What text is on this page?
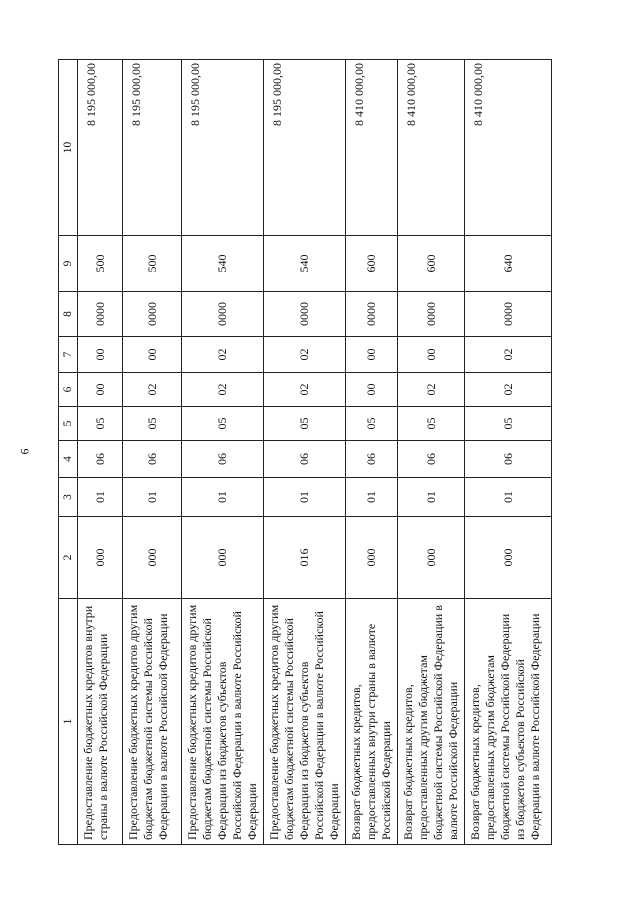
6
1	2	3	4	5	6	7	8	9	10
Предоставление бюджетных кредитов внутри страны в валюте Российской Федерации	000	01	06	05	00	00	0000	500	8 195 000,00
Предоставление бюджетных кредитов другим бюджетам бюджетной системы Российской Федерации в валюте Российской Федерации	000	01	06	05	02	00	0000	500	8 195 000,00
Предоставление бюджетных кредитов другим бюджетам бюджетной системы Российской Федерации из бюджетов субъектов Российской Федерации в валюте Российской Федерации	000	01	06	05	02	02	0000	540	8 195 000,00
Предоставление бюджетных кредитов другим бюджетам бюджетной системы Российской Федерации из бюджетов субъектов Российской Федерации в валюте Российской Федерации	016	01	06	05	02	02	0000	540	8 195 000,00
Возврат бюджетных кредитов, предоставленных внутри страны в валюте Российской Федерации	000	01	06	05	00	00	0000	600	8 410 000,00
Возврат бюджетных кредитов, предоставленных другим бюджетам бюджетной системы Российской Федерации в валюте Российской Федерации	000	01	06	05	02	00	0000	600	8 410 000,00
Возврат бюджетных кредитов, предоставленных другим бюджетам бюджетной системы Российской Федерации из бюджетов субъектов Российской Федерации в валюте Российской Федерации	000	01	06	05	02	02	0000	640	8 410 000,00
